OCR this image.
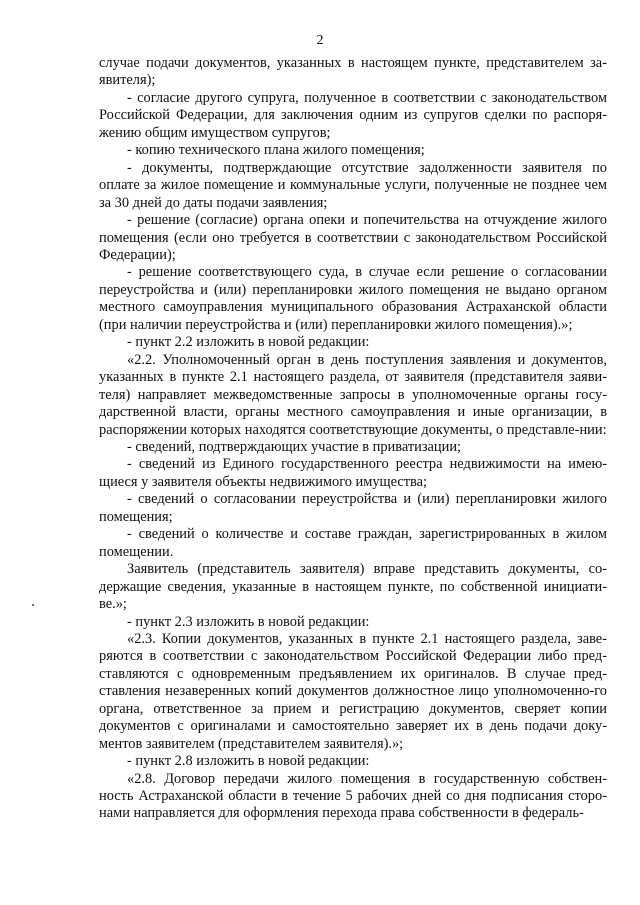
2

случае подачи документов, указанных в настоящем пункте, представителем за-явителя);

- согласие другого супруга, полученное в соответствии с законодательством Российской Федерации, для заключения одним из супругов сделки по распоря-жению общим имуществом супругов;

- копию технического плана жилого помещения;

- документы, подтверждающие отсутствие задолженности заявителя по оплате за жилое помещение и коммунальные услуги, полученные не позднее чем за 30 дней до даты подачи заявления;

- решение (согласие) органа опеки и попечительства на отчуждение жилого помещения (если оно требуется в соответствии с законодательством Российской Федерации);

- решение соответствующего суда, в случае если решение о согласовании переустройства и (или) перепланировки жилого помещения не выдано органом местного самоуправления муниципального образования Астраханской области (при наличии переустройства и (или) перепланировки жилого помещения).»;

- пункт 2.2 изложить в новой редакции:

«2.2. Уполномоченный орган в день поступления заявления и документов, указанных в пункте 2.1 настоящего раздела, от заявителя (представителя заяви-теля) направляет межведомственные запросы в уполномоченные органы госу-дарственной власти, органы местного самоуправления и иные организации, в распоряжении которых находятся соответствующие документы, о представле-нии:

- сведений, подтверждающих участие в приватизации;

- сведений из Единого государственного реестра недвижимости на имею-щиеся у заявителя объекты недвижимого имущества;

- сведений о согласовании переустройства и (или) перепланировки жилого помещения;

- сведений о количестве и составе граждан, зарегистрированных в жилом помещении.

Заявитель (представитель заявителя) вправе представить документы, со-держащие сведения, указанные в настоящем пункте, по собственной инициати-ве.»;

- пункт 2.3 изложить в новой редакции:

«2.3. Копии документов, указанных в пункте 2.1 настоящего раздела, заве-ряются в соответствии с законодательством Российской Федерации либо пред-ставляются с одновременным предъявлением их оригиналов. В случае пред-ставления незаверенных копий документов должностное лицо уполномоченно-го органа, ответственное за прием и регистрацию документов, сверяет копии документов с оригиналами и самостоятельно заверяет их в день подачи доку-ментов заявителем (представителем заявителя).»;

- пункт 2.8 изложить в новой редакции:

«2.8. Договор передачи жилого помещения в государственную собствен-ность Астраханской области в течение 5 рабочих дней со дня подписания сторо-нами направляется для оформления перехода права собственности в федераль-
